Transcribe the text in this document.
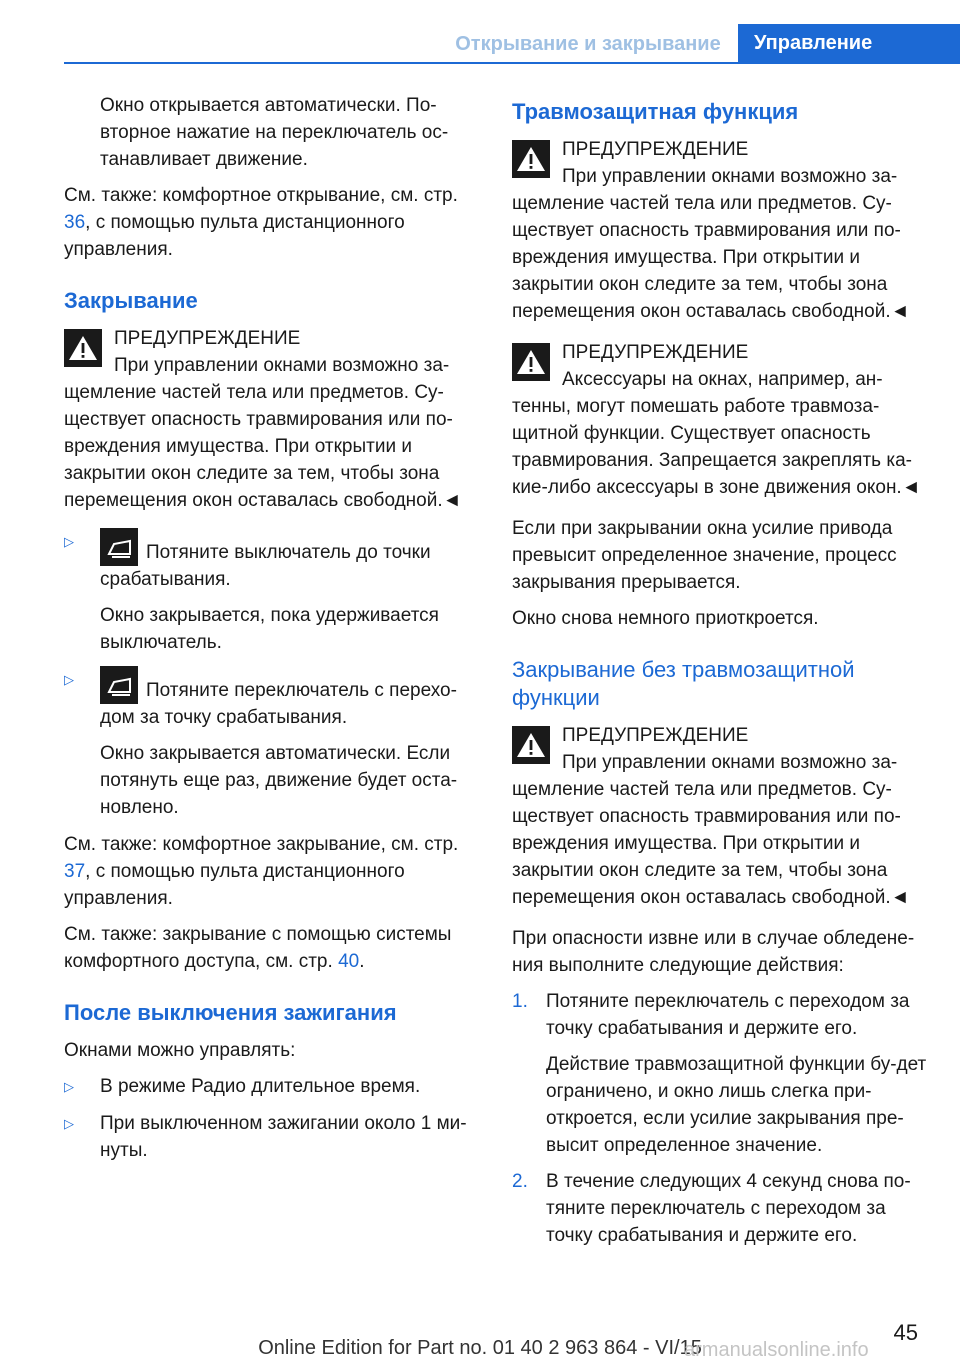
Открывание и закрывание	Управление

Окно открывается автоматически. По-вторное нажатие на переключатель ос-танавливает движение.

См. также: комфортное открывание, см. стр. 36, с помощью пульта дистанционного управления.

Закрывание
ПРЕДУПРЕЖДЕНИЕ
При управлении окнами возможно за-
щемление частей тела или предметов. Су-ществует опасность травмирования или по-вреждения имущества. При открытии и закрытии окон следите за тем, чтобы зона перемещения окон оставалась свободной.◄
▷

Потяните выключатель до точки срабатывания.

Окно закрывается, пока удерживается выключатель.

▷

Потяните переключатель с перехо-дом за точку срабатывания.

Окно закрывается автоматически. Если потянуть еще раз, движение будет оста-новлено.

См. также: комфортное закрывание, см. стр. 37, с помощью пульта дистанционного управления.

См. также: закрывание с помощью системы комфортного доступа, см. стр. 40.

После выключения зажигания

Окнами можно управлять:

▷ В режиме Радио длительное время.

▷ При выключенном зажигании около 1 ми-нуты.

Травмозащитная функция
ПРЕДУПРЕЖДЕНИЕ
При управлении окнами возможно за-
щемление частей тела или предметов. Су-ществует опасность травмирования или по-вреждения имущества. При открытии и закрытии окон следите за тем, чтобы зона перемещения окон оставалась свободной.◄
ПРЕДУПРЕЖДЕНИЕ
Аксессуары на окнах, например, ан-
тенны, могут помешать работе травмоза-щитной функции. Существует опасность травмирования. Запрещается закреплять ка-кие-либо аксессуары в зоне движения окон.◄

Если при закрывании окна усилие привода превысит определенное значение, процесс закрывания прерывается.

Окно снова немного приоткроется.

Закрывание без травмозащитной функции
ПРЕДУПРЕЖДЕНИЕ
При управлении окнами возможно за-
щемление частей тела или предметов. Су-ществует опасность травмирования или по-вреждения имущества. При открытии и закрытии окон следите за тем, чтобы зона перемещения окон оставалась свободной.◄

При опасности извне или в случае обледене-ния выполните следующие действия:

1. Потяните переключатель с переходом за точку срабатывания и держите его.

Действие травмозащитной функции бу-дет ограничено, и окно лишь слегка при-откроется, если усилие закрывания пре-высит определенное значение.

2. В течение следующих 4 секунд снова по-тяните переключатель с переходом за точку срабатывания и держите его.

45
Online Edition for Part no. 01 40 2 963 864 - VI/15
armanualsonline.info
